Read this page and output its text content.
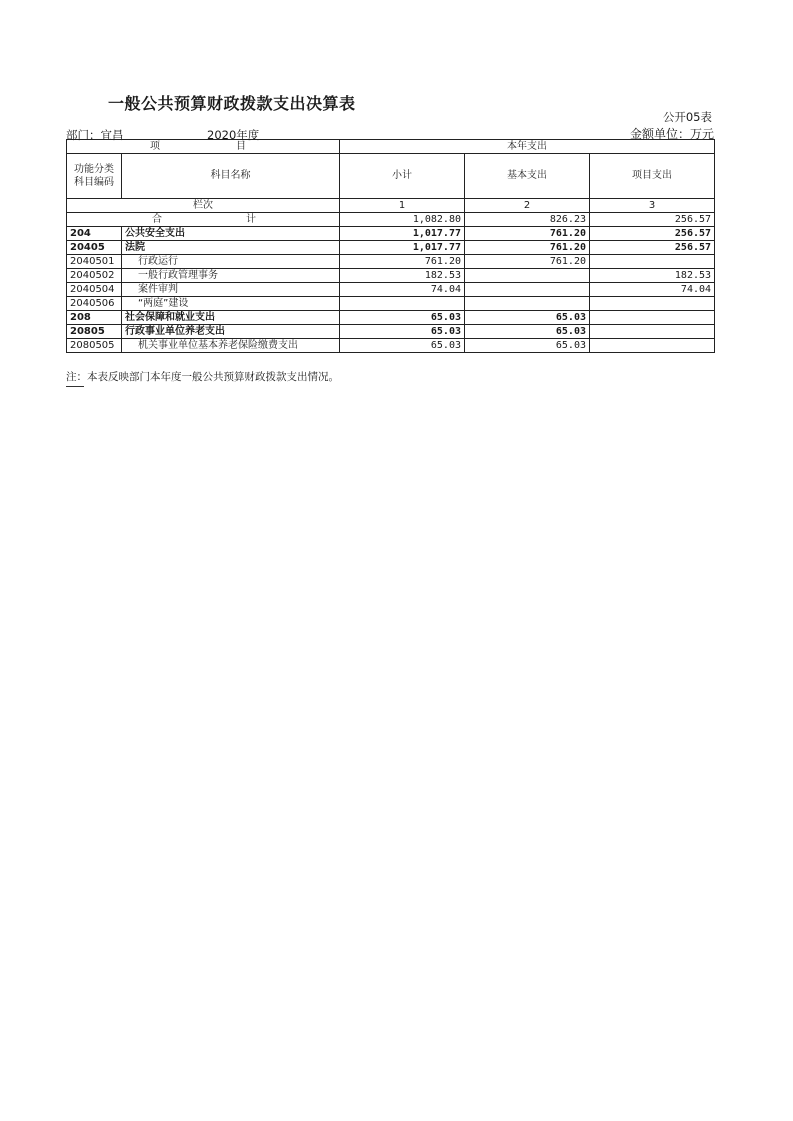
一般公共预算财政拨款支出决算表
公开05表
部门：宜昌	2020年度	金额单位：万元
项 目		本年支出		
功能分类科目编码	科目名称	小计	基本支出	项目支出
栏次		1	2	3

合 计		1,082.80	826.23	256.57
204	公共安全支出	1,017.77	761.20	256.57
20405	法院	1,017.77	761.20	256.57
2040501	行政运行	761.20	761.20	
2040502	一般行政管理事务	182.53		182.53
2040504	案件审判	74.04		74.04
2040506	“两庭”建设			
208	社会保障和就业支出	65.03	65.03	
20805	行政事业单位养老支出	65.03	65.03	
2080505	机关事业单位基本养老保险缴费支出	65.03	65.03	
注：本表反映部门本年度一般公共预算财政拨款支出情况。
